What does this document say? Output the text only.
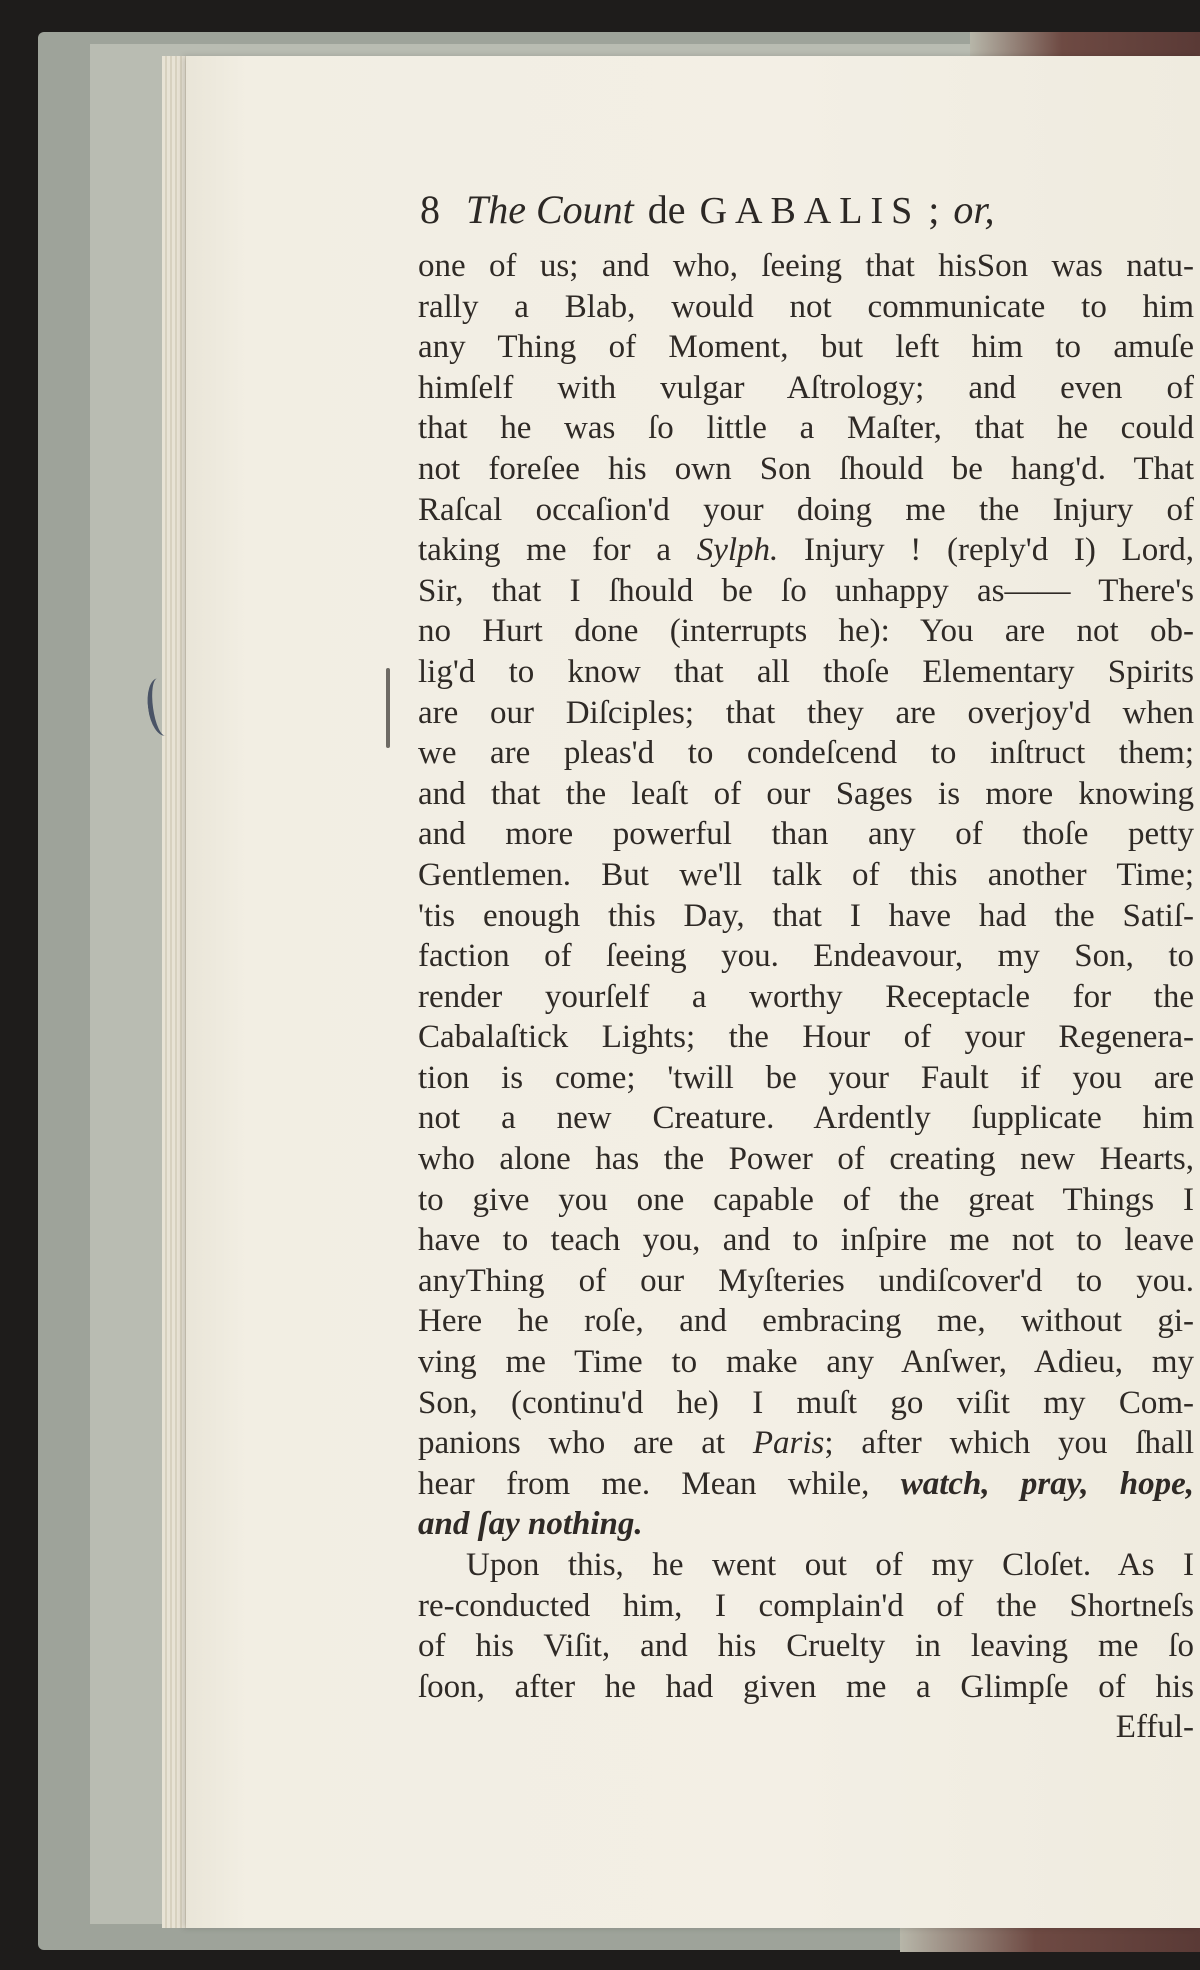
8 The Count de GABALIS ; or,
one of us; and who, ſeeing that hisSon was natu-
rally a Blab, would not communicate to him
any Thing of Moment, but left him to amuſe
himſelf with vulgar Aſtrology; and even of
that he was ſo little a Maſter, that he could
not foreſee his own Son ſhould be hang'd. That
Raſcal occaſion'd your doing me the Injury of
taking me for a Sylph. Injury ! (reply'd I) Lord,
Sir, that I ſhould be ſo unhappy as—— There's
no Hurt done (interrupts he): You are not ob-
lig'd to know that all thoſe Elementary Spirits
are our Diſciples; that they are overjoy'd when
we are pleas'd to condeſcend to inſtruct them;
and that the leaſt of our Sages is more knowing
and more powerful than any of thoſe petty
Gentlemen. But we'll talk of this another Time;
'tis enough this Day, that I have had the Satiſ-
faction of ſeeing you. Endeavour, my Son, to
render yourſelf a worthy Receptacle for the
Cabalaſtick Lights; the Hour of your Regenera-
tion is come; 'twill be your Fault if you are
not a new Creature. Ardently ſupplicate him
who alone has the Power of creating new Hearts,
to give you one capable of the great Things I
have to teach you, and to inſpire me not to leave
anyThing of our Myſteries undiſcover'd to you.
Here he roſe, and embracing me, without gi-
ving me Time to make any Anſwer, Adieu, my
Son, (continu'd he) I muſt go viſit my Com-
panions who are at Paris; after which you ſhall
hear from me. Mean while, watch, pray, hope,
and ſay nothing.
Upon this, he went out of my Cloſet. As I
re-conducted him, I complain'd of the Shortneſs
of his Viſit, and his Cruelty in leaving me ſo
ſoon, after he had given me a Glimpſe of his
Efful-
